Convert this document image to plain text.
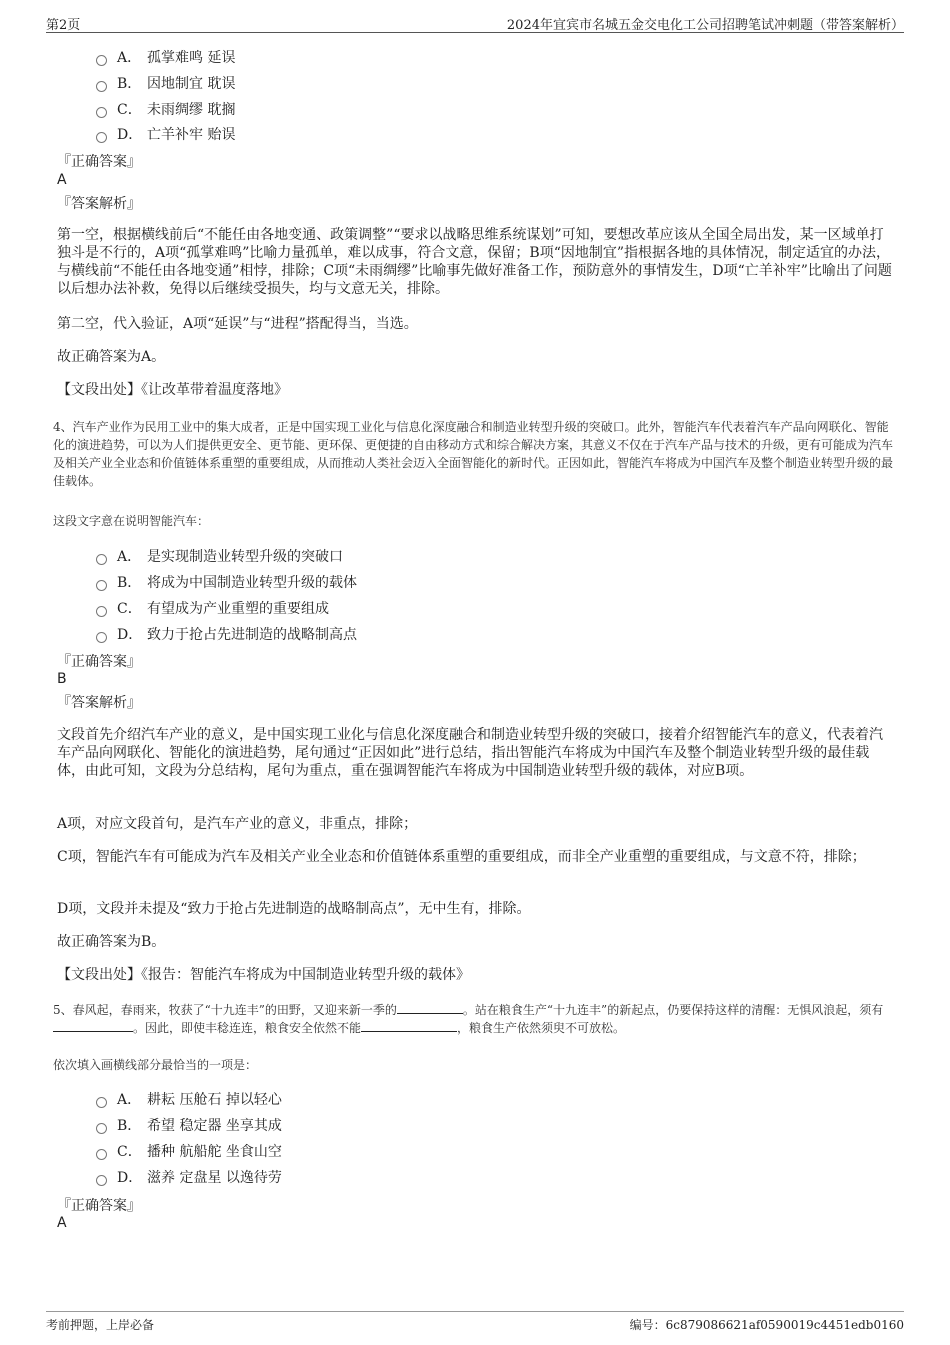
第2页	2024年宜宾市名城五金交电化工公司招聘笔试冲刺题（带答案解析）
A． 孤掌难鸣 延误
B． 因地制宜 耽误
C． 未雨绸缪 耽搁
D． 亡羊补牢 贻误
『正确答案』
A
『答案解析』
第一空，根据横线前后“不能任由各地变通、政策调整”“要求以战略思维系统谋划”可知，要想改革应该从全国全局出发，某一区域单打独斗是不行的，A项“孤掌难鸣”比喻力量孤单，难以成事，符合文意，保留；B项“因地制宜”指根据各地的具体情况，制定适宜的办法，与横线前“不能任由各地变通”相悖，排除；C项“未雨绸缪”比喻事先做好准备工作，预防意外的事情发生，D项“亡羊补牢”比喻出了问题以后想办法补救，免得以后继续受损失，均与文意无关，排除。
第二空，代入验证，A项“延误”与“进程”搭配得当，当选。
故正确答案为A。
【文段出处】《让改革带着温度落地》
4、汽车产业作为民用工业中的集大成者，正是中国实现工业化与信息化深度融合和制造业转型升级的突破口。此外，智能汽车代表着汽车产品向网联化、智能化的演进趋势，可以为人们提供更安全、更节能、更环保、更便捷的自由移动方式和综合解决方案，其意义不仅在于汽车产品与技术的升级，更有可能成为汽车及相关产业全业态和价值链体系重塑的重要组成，从而推动人类社会迈入全面智能化的新时代。正因如此，智能汽车将成为中国汽车及整个制造业转型升级的最佳载体。
这段文字意在说明智能汽车：
A． 是实现制造业转型升级的突破口
B． 将成为中国制造业转型升级的载体
C． 有望成为产业重塑的重要组成
D． 致力于抢占先进制造的战略制高点
『正确答案』
B
『答案解析』
文段首先介绍汽车产业的意义，是中国实现工业化与信息化深度融合和制造业转型升级的突破口，接着介绍智能汽车的意义，代表着汽车产品向网联化、智能化的演进趋势，尾句通过“正因如此”进行总结，指出智能汽车将成为中国汽车及整个制造业转型升级的最佳载体，由此可知，文段为分总结构，尾句为重点，重在强调智能汽车将成为中国制造业转型升级的载体，对应B项。
A项，对应文段首句，是汽车产业的意义，非重点，排除；
C项，智能汽车有可能成为汽车及相关产业全业态和价值链体系重塑的重要组成，而非全产业重塑的重要组成，与文意不符，排除；
D项，文段并未提及“致力于抢占先进制造的战略制高点”，无中生有，排除。
故正确答案为B。
【文段出处】《报告：智能汽车将成为中国制造业转型升级的载体》
5、春风起，春雨来，牧获了“十九连丰”的田野，又迎来新一季的	。站在粮食生产“十九连丰”的新起点，仍要保持这样的清醒：无惧风浪起，须有。因此，即使丰稔连连，粮食安全依然不能	，粮食生产依然须臾不可放松。
依次填入画横线部分最恰当的一项是：
A． 耕耘 压舱石 掉以轻心
B． 希望 稳定器 坐享其成
C． 播种 航船舵 坐食山空
D． 滋养 定盘星 以逸待劳
『正确答案』
A
考前押题，上岸必备	编号：6c879086621af0590019c4451edb0160
